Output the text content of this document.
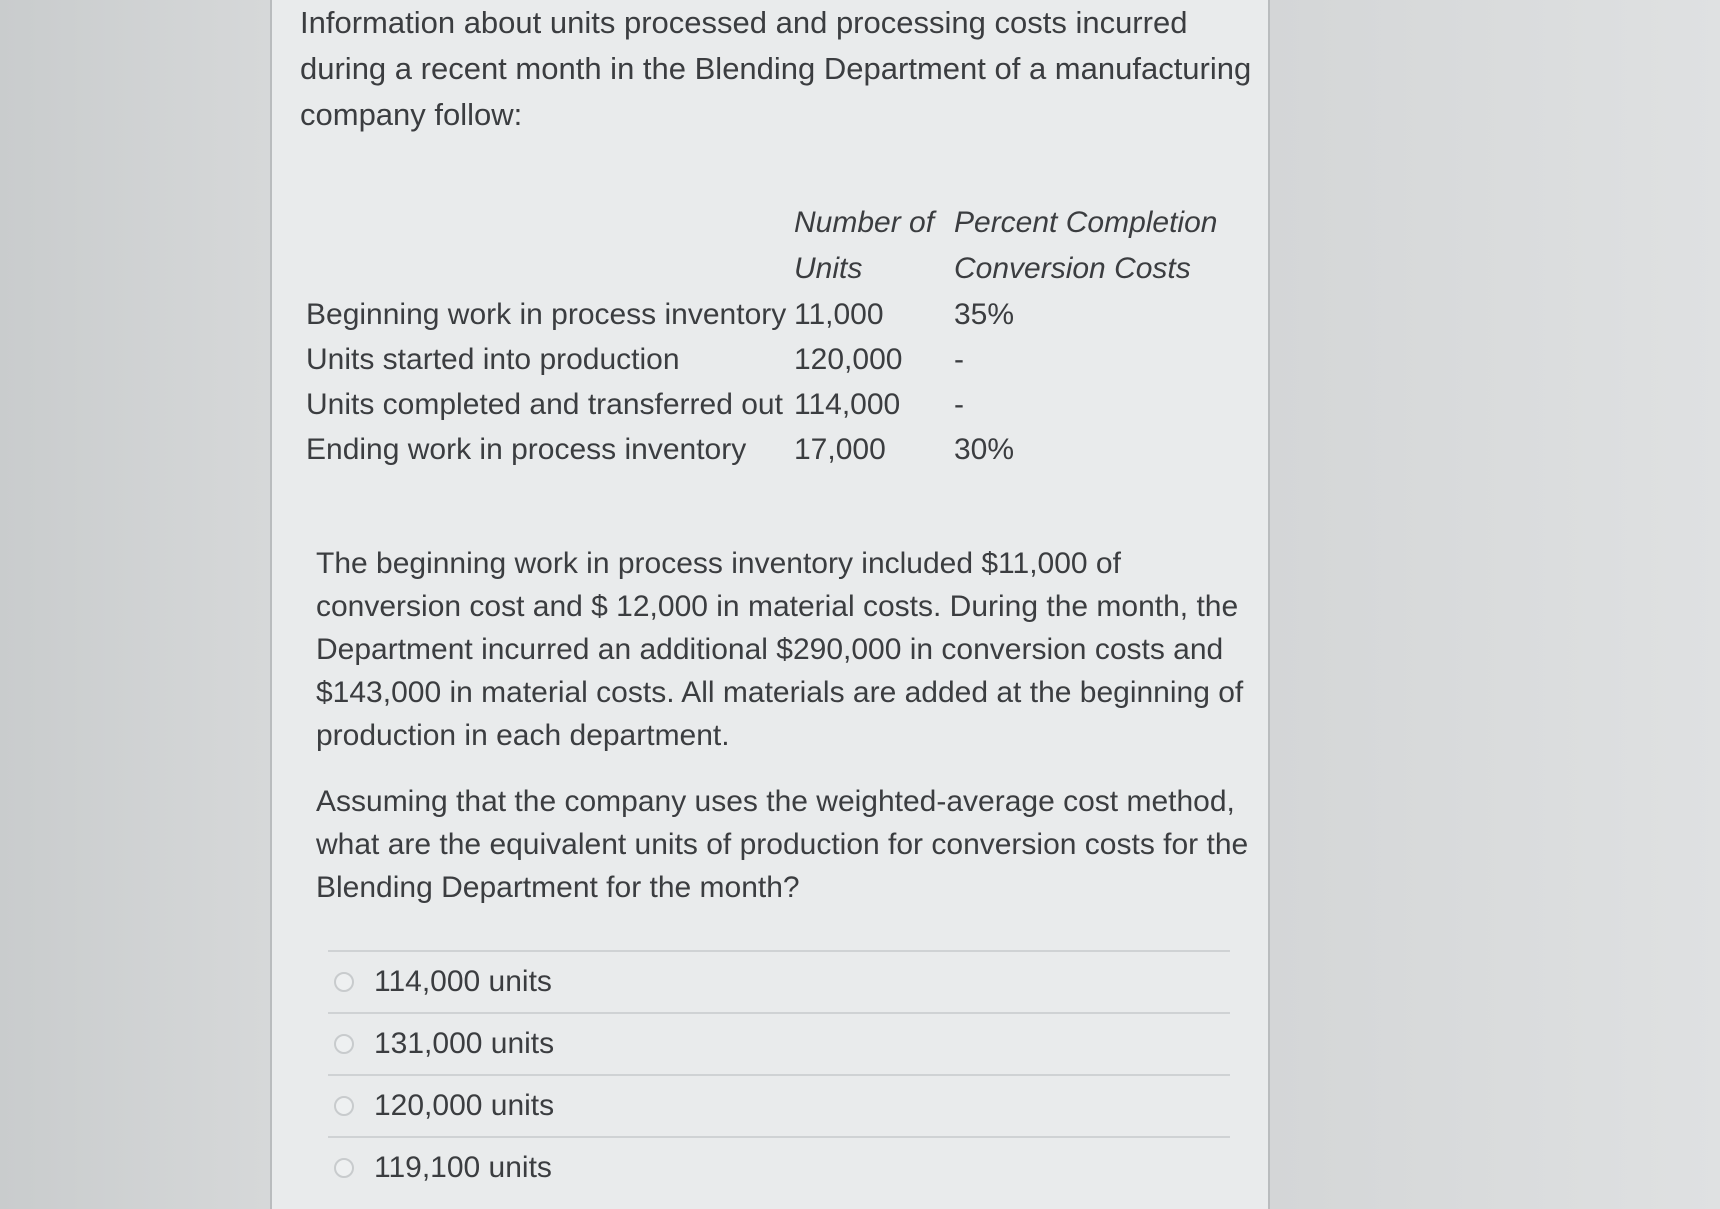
Information about units processed and processing costs incurred during a recent month in the Blending Department of a manufacturing company follow:

	Number of	Percent Completion
	Units	Conversion Costs
Beginning work in process inventory	11,000	35%
Units started into production	120,000	-
Units completed and transferred out	114,000	-
Ending work in process inventory	17,000	30%

The beginning work in process inventory included $11,000 of conversion cost and $ 12,000 in material costs. During the month, the Department incurred an additional $290,000 in conversion costs and $143,000 in material costs. All materials are added at the beginning of production in each department.

Assuming that the company uses the weighted-average cost method, what are the equivalent units of production for conversion costs for the Blending Department for the month?

114,000 units
131,000 units
120,000 units
119,100 units
